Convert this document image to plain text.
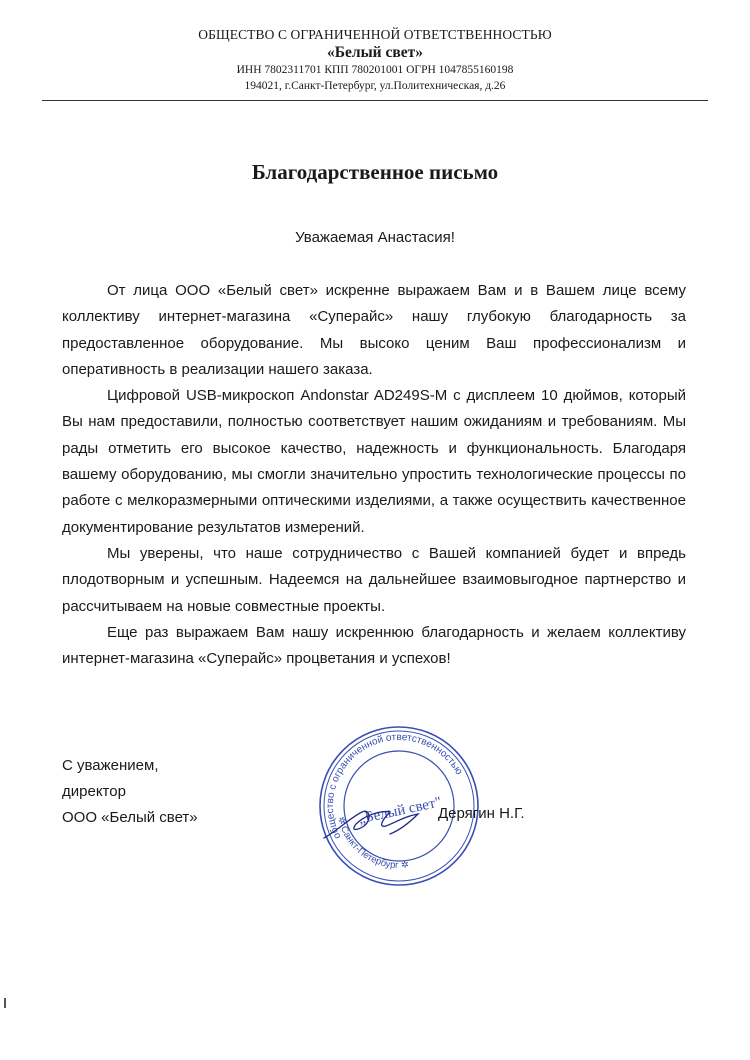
ОБЩЕСТВО С ОГРАНИЧЕННОЙ ОТВЕТСТВЕННОСТЬЮ
«Белый свет»
ИНН 7802311701 КПП 780201001 ОГРН 1047855160198
194021, г.Санкт-Петербург, ул.Политехническая, д.26
Благодарственное письмо
Уважаемая Анастасия!

От лица ООО «Белый свет» искренне выражаем Вам и в Вашем лице всему коллективу интернет-магазина «Суперайс» нашу глубокую благодарность за предоставленное оборудование. Мы высоко ценим Ваш профессионализм и оперативность в реализации нашего заказа.

Цифровой USB-микроскоп Andonstar AD249S-M с дисплеем 10 дюймов, который Вы нам предоставили, полностью соответствует нашим ожиданиям и требованиям. Мы рады отметить его высокое качество, надежность и функциональность. Благодаря вашему оборудованию, мы смогли значительно упростить технологические процессы по работе с мелкоразмерными оптическими изделиями, а также осуществить качественное документирование результатов измерений.

Мы уверены, что наше сотрудничество с Вашей компанией будет и впредь плодотворным и успешным. Надеемся на дальнейшее взаимовыгодное партнерство и рассчитываем на новые совместные проекты.

Еще раз выражаем Вам нашу искреннюю благодарность и желаем коллективу интернет-магазина «Суперайс» процветания и успехов!

С уважением,
директор
ООО «Белый свет»
общество с ограниченной ответственностью
✲ Санкт-Петербург ✲
„Белый свет"
Дерягин Н.Г.
